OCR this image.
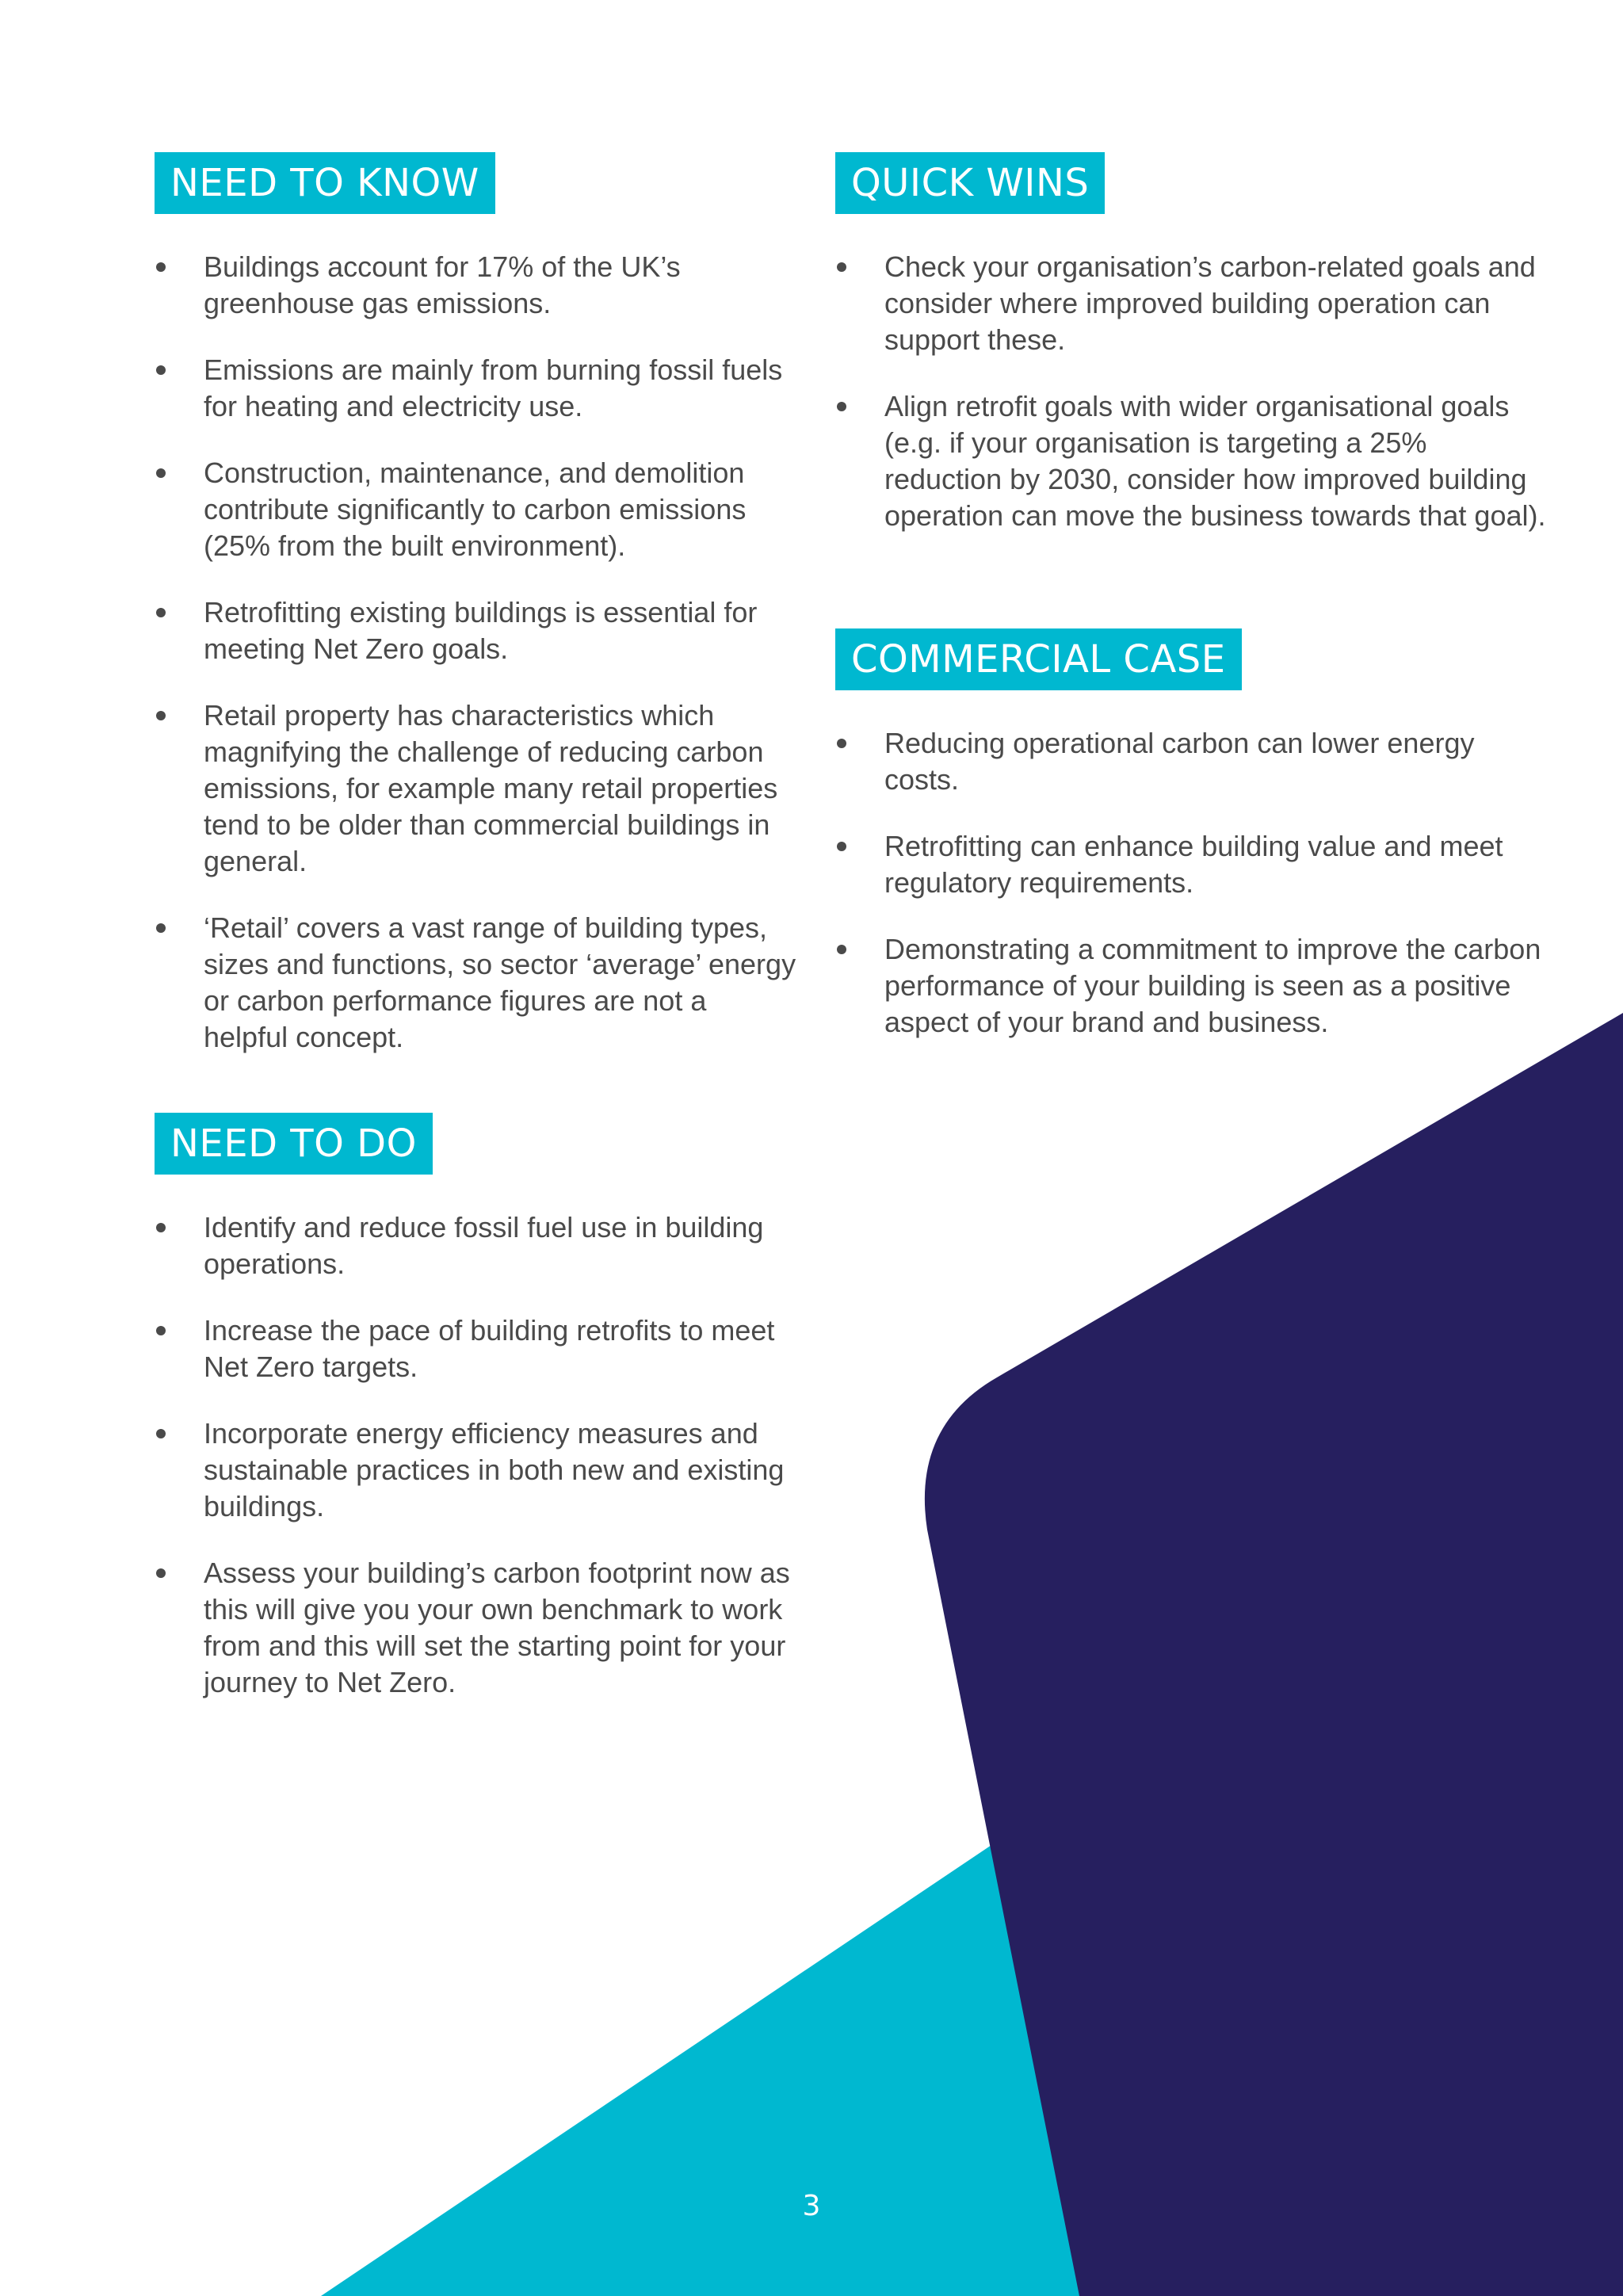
NEED TO KNOW
Buildings account for 17% of the UK’s greenhouse gas emissions.
Emissions are mainly from burning fossil fuels for heating and electricity use.
Construction, maintenance, and demolition contribute significantly to carbon emissions (25% from the built environment).
Retrofitting existing buildings is essential for meeting Net Zero goals.
Retail property has characteristics which magnifying the challenge of reducing carbon emissions, for example many retail properties tend to be older than commercial buildings in general.
‘Retail’ covers a vast range of building types, sizes and functions, so sector ‘average’ energy or carbon performance figures are not a helpful concept.
QUICK WINS
Check your organisation’s carbon-related goals and consider where improved building operation can support these.
Align retrofit goals with wider organisational goals (e.g. if your organisation is targeting a 25% reduction by 2030, consider how improved building operation can move the business towards that goal).
COMMERCIAL CASE
Reducing operational carbon can lower energy costs.
Retrofitting can enhance building value and meet regulatory requirements.
Demonstrating a commitment to improve the carbon performance of your building is seen as a positive aspect of your brand and business.
NEED TO DO
Identify and reduce fossil fuel use in building operations.
Increase the pace of building retrofits to meet Net Zero targets.
Incorporate energy efficiency measures and sustainable practices in both new and existing buildings.
Assess your building’s carbon footprint now as this will give you your own benchmark to work from and this will set the starting point for your journey to Net Zero.
3
